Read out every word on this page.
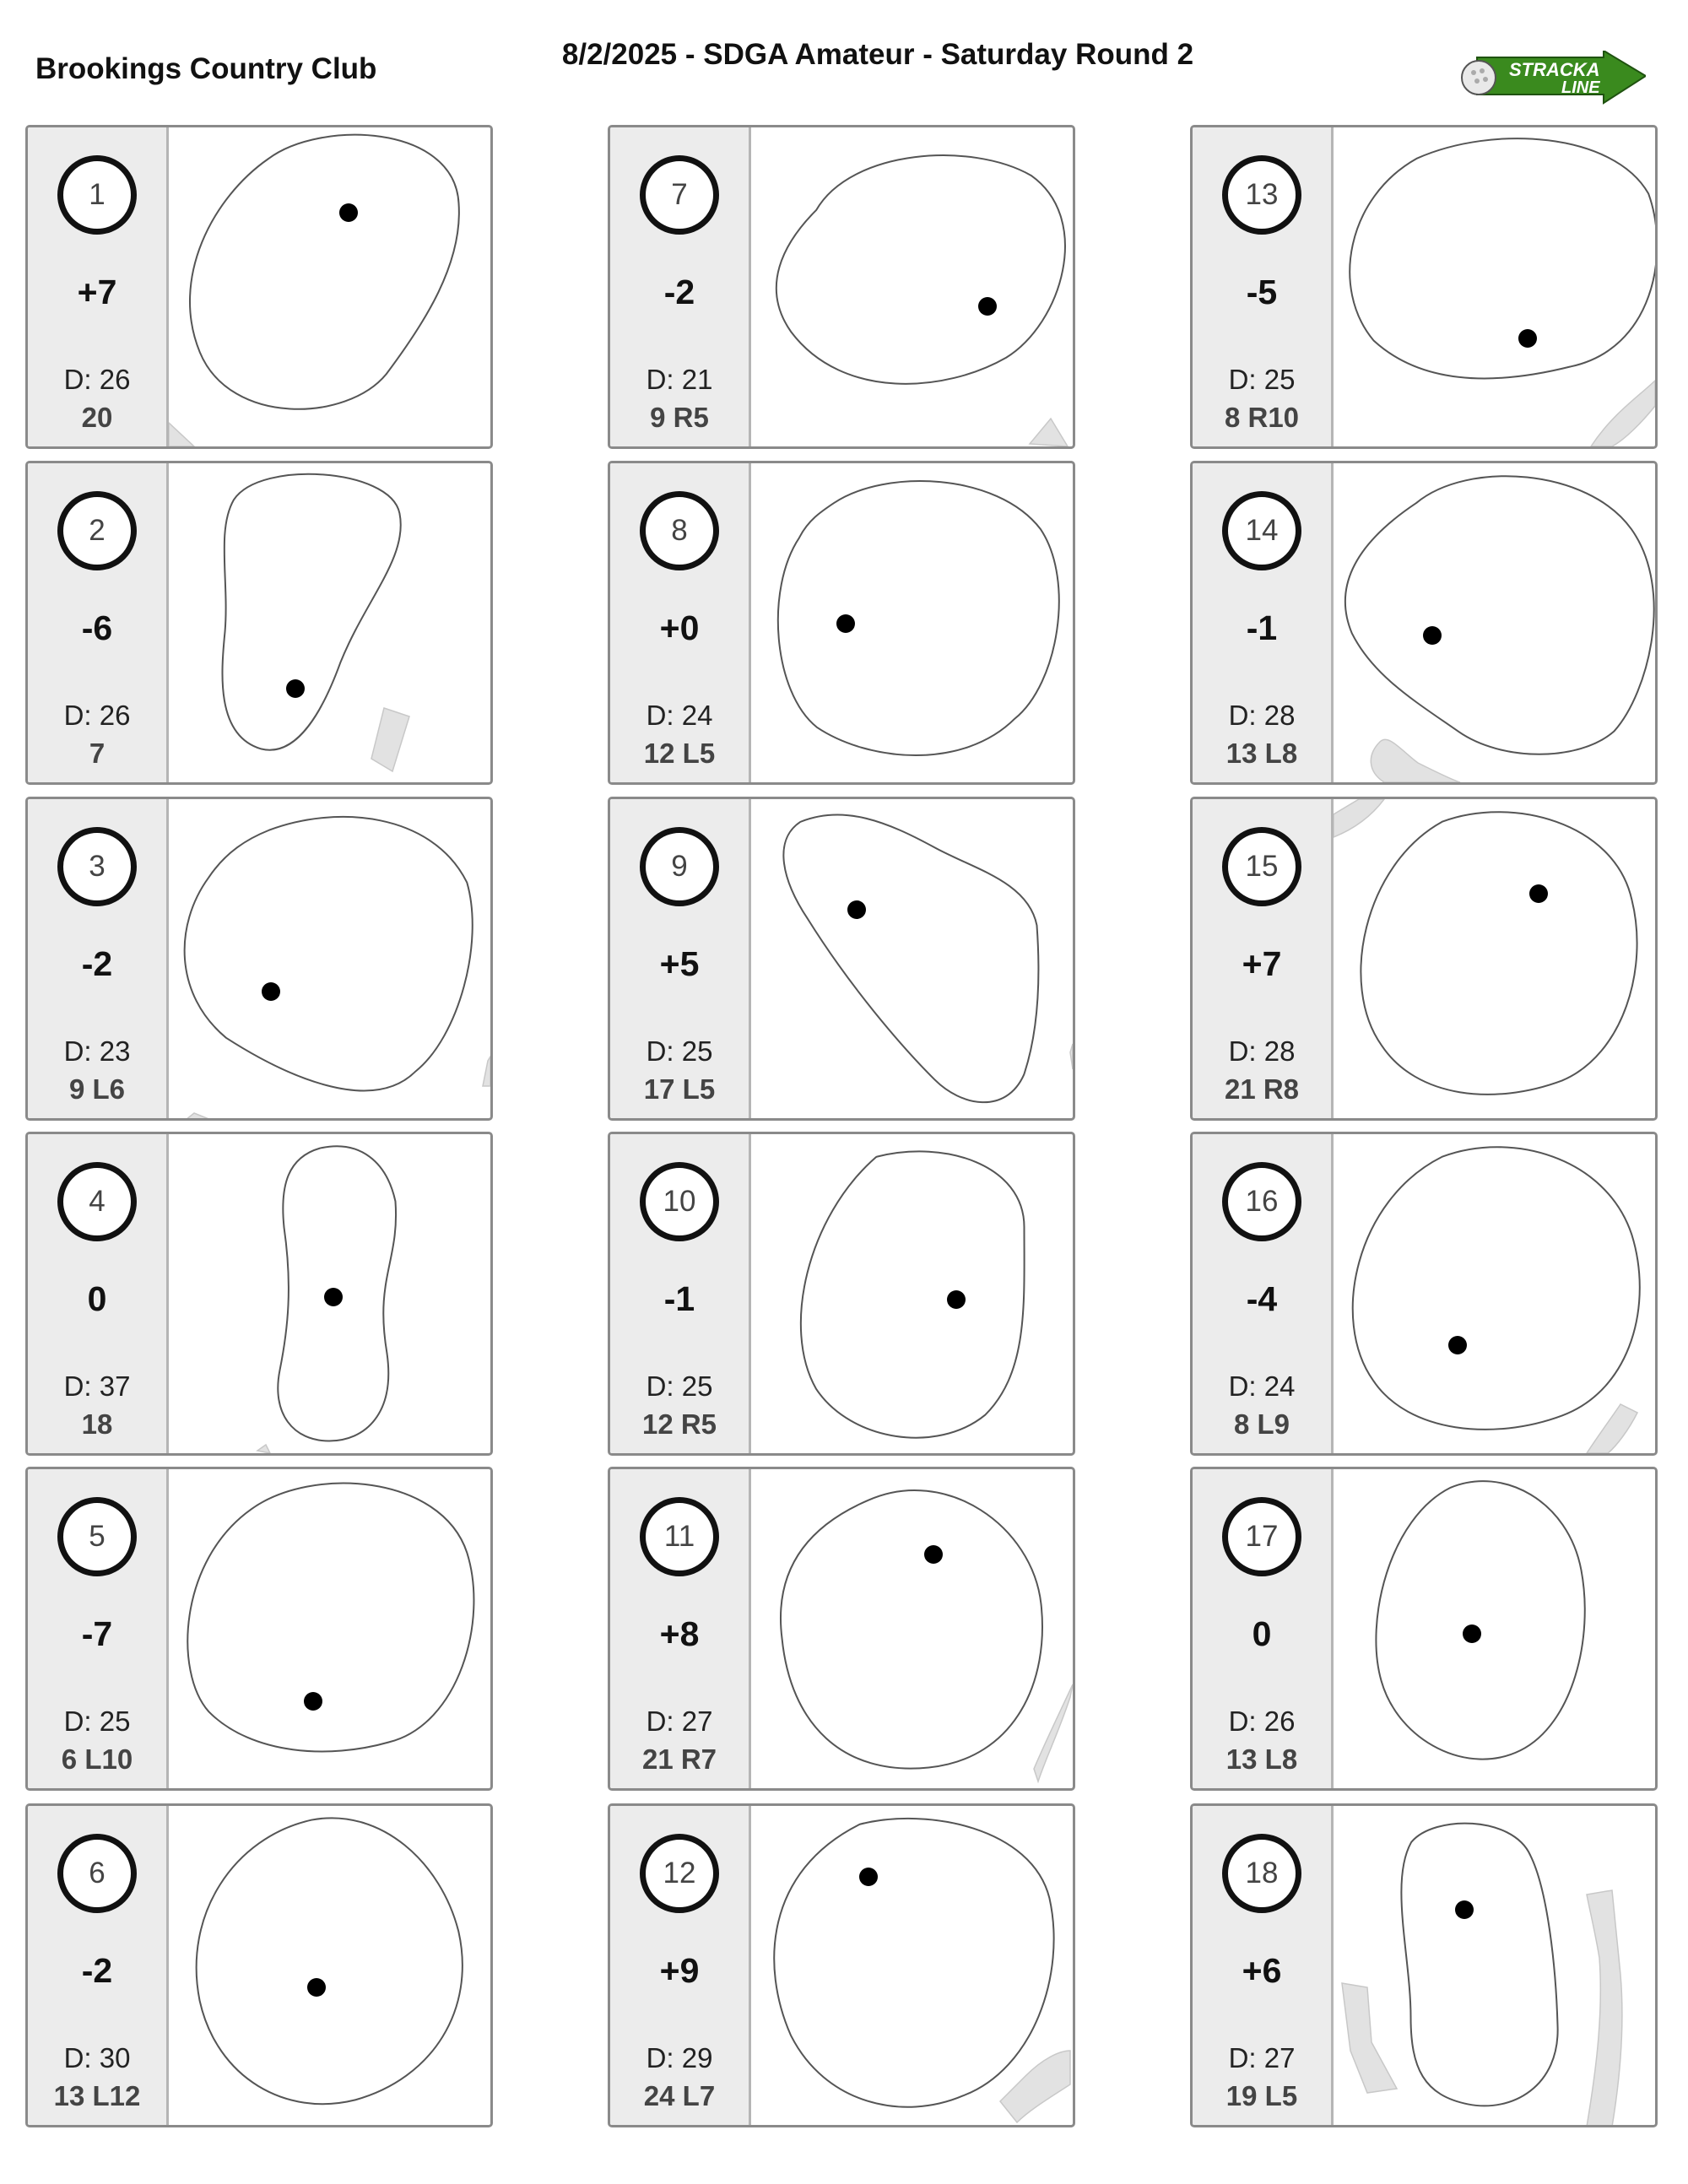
Brookings Country Club	8/2/2025 - SDGA Amateur - Saturday Round 2	STRACKA
LINE
1
+7
D: 26
20
2
-6
D: 26
7
3
-2
D: 23
9 L6
4
0
D: 37
18
5
-7
D: 25
6 L10
6
-2
D: 30
13 L12
7
-2
D: 21
9 R5
8
+0
D: 24
12 L5
9
+5
D: 25
17 L5
10
-1
D: 25
12 R5
11
+8
D: 27
21 R7
12
+9
D: 29
24 L7
13
-5
D: 25
8 R10
14
-1
D: 28
13 L8
15
+7
D: 28
21 R8
16
-4
D: 24
8 L9
17
0
D: 26
13 L8
18
+6
D: 27
19 L5
